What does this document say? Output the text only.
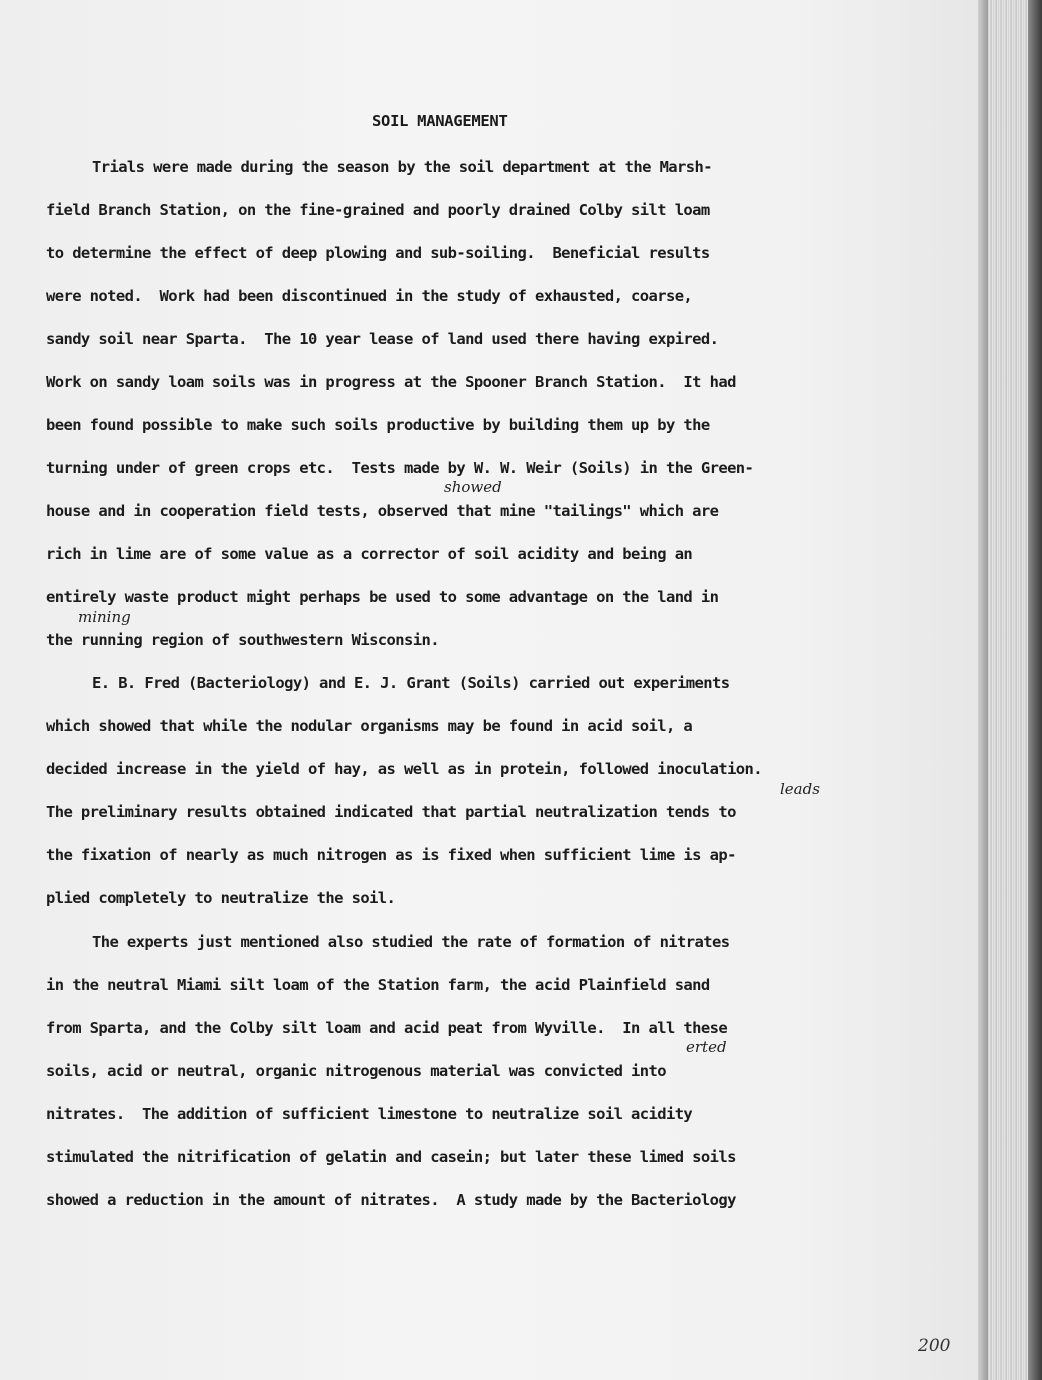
SOIL MANAGEMENT
Trials were made during the season by the soil department at the Marsh-
field Branch Station, on the fine-grained and poorly drained Colby silt loam
to determine the effect of deep plowing and sub-soiling.  Beneficial results
were noted.  Work had been discontinued in the study of exhausted, coarse,
sandy soil near Sparta.  The 10 year lease of land used there having expired.
Work on sandy loam soils was in progress at the Spooner Branch Station.  It had
been found possible to make such soils productive by building them up by the
turning under of green crops etc.  Tests made by W. W. Weir (Soils) in the Green-
house and in cooperation field tests, observed that mine "tailings" which are
rich in lime are of some value as a corrector of soil acidity and being an
entirely waste product might perhaps be used to some advantage on the land in
the running region of southwestern Wisconsin.
E. B. Fred (Bacteriology) and E. J. Grant (Soils) carried out experiments
which showed that while the nodular organisms may be found in acid soil, a
decided increase in the yield of hay, as well as in protein, followed inoculation.
The preliminary results obtained indicated that partial neutralization tends to
the fixation of nearly as much nitrogen as is fixed when sufficient lime is ap-
plied completely to neutralize the soil.
The experts just mentioned also studied the rate of formation of nitrates
in the neutral Miami silt loam of the Station farm, the acid Plainfield sand
from Sparta, and the Colby silt loam and acid peat from Wyville.  In all these
soils, acid or neutral, organic nitrogenous material was convicted into
nitrates.  The addition of sufficient limestone to neutralize soil acidity
stimulated the nitrification of gelatin and casein; but later these limed soils
showed a reduction in the amount of nitrates.  A study made by the Bacteriology
showed
mining
leads
erted
200
